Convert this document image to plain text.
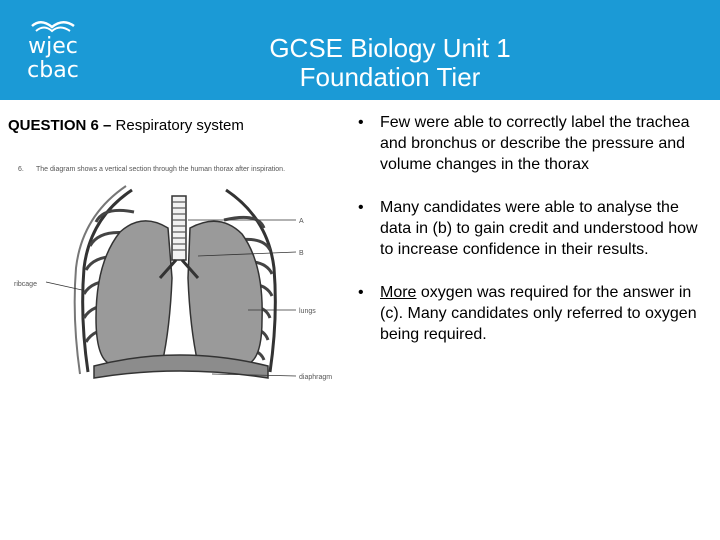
wjec
cbac
GCSE Biology Unit 1
Foundation Tier
QUESTION 6 – Respiratory system
6. The diagram shows a vertical section through the human thorax after inspiration.
A
B
ribcage
lungs
diaphragm
• Few were able to correctly label the trachea and bronchus or describe the pressure and volume changes in the thorax
• Many candidates were able to analyse the data in (b) to gain credit and understood how to increase confidence in their results.
• More oxygen was required for the answer in (c). Many candidates only referred to oxygen being required.
